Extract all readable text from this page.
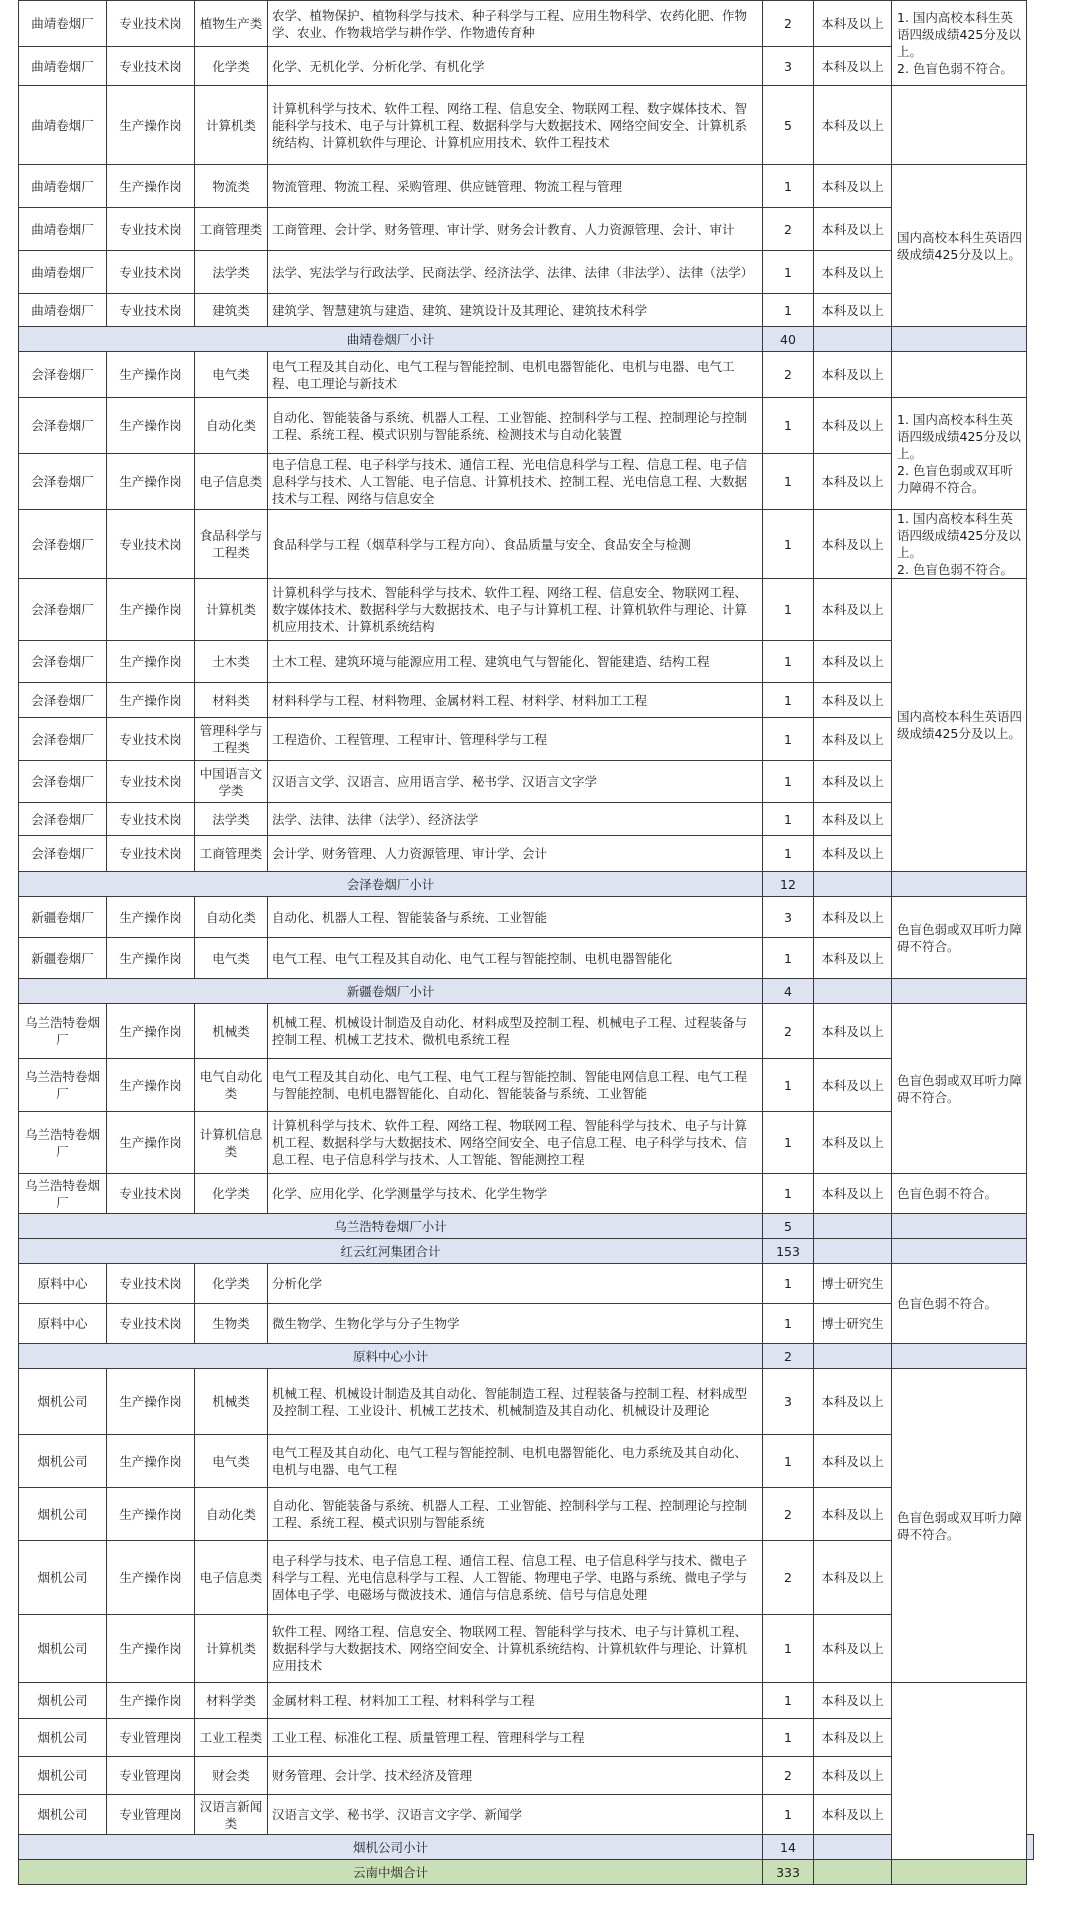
曲靖卷烟厂	专业技术岗	植物生产类	农学、植物保护、植物科学与技术、种子科学与工程、应用生物科学、农药化肥、作物学、农业、作物栽培学与耕作学、作物遗传育种	2	本科及以上	1. 国内高校本科生英语四级成绩425分及以上。
2. 色盲色弱不符合。	
曲靖卷烟厂	专业技术岗	化学类	化学、无机化学、分析化学、有机化学	3	本科及以上		
曲靖卷烟厂	生产操作岗	计算机类	计算机科学与技术、软件工程、网络工程、信息安全、物联网工程、数字媒体技术、智能科学与技术、电子与计算机工程、数据科学与大数据技术、网络空间安全、计算机系统结构、计算机软件与理论、计算机应用技术、软件工程技术	5	本科及以上		
曲靖卷烟厂	生产操作岗	物流类	物流管理、物流工程、采购管理、供应链管理、物流工程与管理	1	本科及以上	国内高校本科生英语四级成绩425分及以上。	
曲靖卷烟厂	专业技术岗	工商管理类	工商管理、会计学、财务管理、审计学、财务会计教育、人力资源管理、会计、审计	2	本科及以上		
曲靖卷烟厂	专业技术岗	法学类	法学、宪法学与行政法学、民商法学、经济法学、法律、法律（非法学）、法律（法学）	1	本科及以上		
曲靖卷烟厂	专业技术岗	建筑类	建筑学、智慧建筑与建造、建筑、建筑设计及其理论、建筑技术科学	1	本科及以上		
曲靖卷烟厂小计				40			
会泽卷烟厂	生产操作岗	电气类	电气工程及其自动化、电气工程与智能控制、电机电器智能化、电机与电器、电气工程、电工理论与新技术	2	本科及以上		
会泽卷烟厂	生产操作岗	自动化类	自动化、智能装备与系统、机器人工程、工业智能、控制科学与工程、控制理论与控制工程、系统工程、模式识别与智能系统、检测技术与自动化装置	1	本科及以上	1. 国内高校本科生英语四级成绩425分及以上。
2. 色盲色弱或双耳听力障碍不符合。	
会泽卷烟厂	生产操作岗	电子信息类	电子信息工程、电子科学与技术、通信工程、光电信息科学与工程、信息工程、电子信息科学与技术、人工智能、电子信息、计算机技术、控制工程、光电信息工程、大数据技术与工程、网络与信息安全	1	本科及以上		
会泽卷烟厂	专业技术岗	食品科学与工程类	食品科学与工程（烟草科学与工程方向）、食品质量与安全、食品安全与检测	1	本科及以上	1. 国内高校本科生英语四级成绩425分及以上。
2. 色盲色弱不符合。	
会泽卷烟厂	生产操作岗	计算机类	计算机科学与技术、智能科学与技术、软件工程、网络工程、信息安全、物联网工程、数字媒体技术、数据科学与大数据技术、电子与计算机工程、计算机软件与理论、计算机应用技术、计算机系统结构	1	本科及以上	国内高校本科生英语四级成绩425分及以上。	
会泽卷烟厂	生产操作岗	土木类	土木工程、建筑环境与能源应用工程、建筑电气与智能化、智能建造、结构工程	1	本科及以上		
会泽卷烟厂	生产操作岗	材料类	材料科学与工程、材料物理、金属材料工程、材料学、材料加工工程	1	本科及以上		
会泽卷烟厂	专业技术岗	管理科学与工程类	工程造价、工程管理、工程审计、管理科学与工程	1	本科及以上		
会泽卷烟厂	专业技术岗	中国语言文学类	汉语言文学、汉语言、应用语言学、秘书学、汉语言文字学	1	本科及以上		
会泽卷烟厂	专业技术岗	法学类	法学、法律、法律（法学）、经济法学	1	本科及以上		
会泽卷烟厂	专业技术岗	工商管理类	会计学、财务管理、人力资源管理、审计学、会计	1	本科及以上		
会泽卷烟厂小计				12			
新疆卷烟厂	生产操作岗	自动化类	自动化、机器人工程、智能装备与系统、工业智能	3	本科及以上	色盲色弱或双耳听力障碍不符合。	
新疆卷烟厂	生产操作岗	电气类	电气工程、电气工程及其自动化、电气工程与智能控制、电机电器智能化	1	本科及以上		
新疆卷烟厂小计				4			
乌兰浩特卷烟厂	生产操作岗	机械类	机械工程、机械设计制造及自动化、材料成型及控制工程、机械电子工程、过程装备与控制工程、机械工艺技术、微机电系统工程	2	本科及以上	色盲色弱或双耳听力障碍不符合。	
乌兰浩特卷烟厂	生产操作岗	电气自动化类	电气工程及其自动化、电气工程、电气工程与智能控制、智能电网信息工程、电气工程与智能控制、电机电器智能化、自动化、智能装备与系统、工业智能	1	本科及以上		
乌兰浩特卷烟厂	生产操作岗	计算机信息类	计算机科学与技术、软件工程、网络工程、物联网工程、智能科学与技术、电子与计算机工程、数据科学与大数据技术、网络空间安全、电子信息工程、电子科学与技术、信息工程、电子信息科学与技术、人工智能、智能测控工程	1	本科及以上		
乌兰浩特卷烟厂	专业技术岗	化学类	化学、应用化学、化学测量学与技术、化学生物学	1	本科及以上	色盲色弱不符合。	
乌兰浩特卷烟厂小计				5			
红云红河集团合计				153			
原料中心	专业技术岗	化学类	分析化学	1	博士研究生	色盲色弱不符合。	
原料中心	专业技术岗	生物类	微生物学、生物化学与分子生物学	1	博士研究生		
原料中心小计				2			
烟机公司	生产操作岗	机械类	机械工程、机械设计制造及其自动化、智能制造工程、过程装备与控制工程、材料成型及控制工程、工业设计、机械工艺技术、机械制造及其自动化、机械设计及理论	3	本科及以上	色盲色弱或双耳听力障碍不符合。	
烟机公司	生产操作岗	电气类	电气工程及其自动化、电气工程与智能控制、电机电器智能化、电力系统及其自动化、电机与电器、电气工程	1	本科及以上		
烟机公司	生产操作岗	自动化类	自动化、智能装备与系统、机器人工程、工业智能、控制科学与工程、控制理论与控制工程、系统工程、模式识别与智能系统	2	本科及以上		
烟机公司	生产操作岗	电子信息类	电子科学与技术、电子信息工程、通信工程、信息工程、电子信息科学与技术、微电子科学与工程、光电信息科学与工程、人工智能、物理电子学、电路与系统、微电子学与固体电子学、电磁场与微波技术、通信与信息系统、信号与信息处理	2	本科及以上		
烟机公司	生产操作岗	计算机类	软件工程、网络工程、信息安全、物联网工程、智能科学与技术、电子与计算机工程、数据科学与大数据技术、网络空间安全、计算机系统结构、计算机软件与理论、计算机应用技术	1	本科及以上		
烟机公司	生产操作岗	材料学类	金属材料工程、材料加工工程、材料科学与工程	1	本科及以上		
烟机公司	专业管理岗	工业工程类	工业工程、标准化工程、质量管理工程、管理科学与工程	1	本科及以上		
烟机公司	专业管理岗	财会类	财务管理、会计学、技术经济及管理	2	本科及以上		
烟机公司	专业管理岗	汉语言新闻类	汉语言文学、秘书学、汉语言文字学、新闻学	1	本科及以上		
烟机公司小计				14			
云南中烟合计				333			
